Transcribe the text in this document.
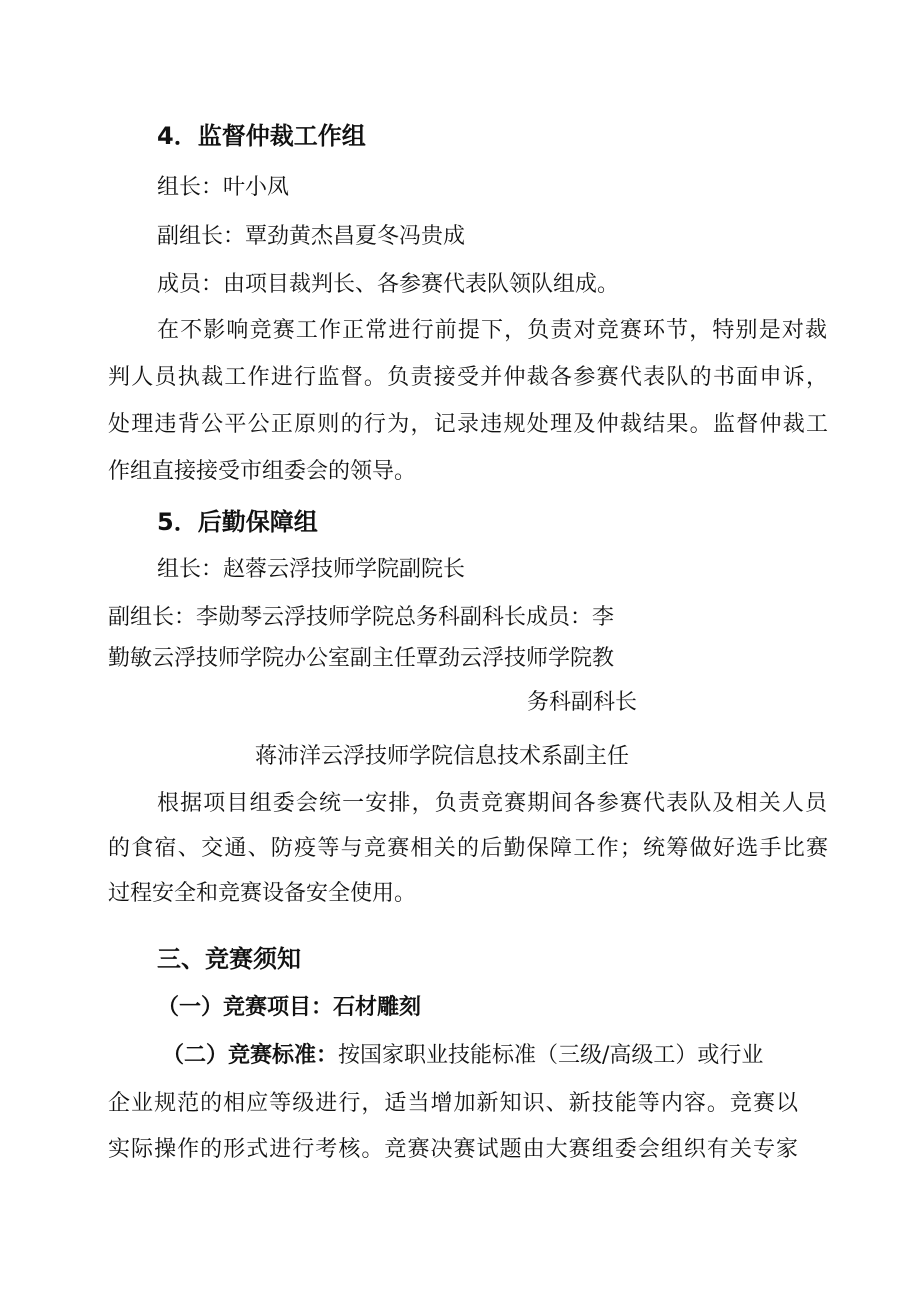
4．监督仲裁工作组
组长：叶小凤
副组长：覃劲黄杰昌夏冬冯贵成
成员：由项目裁判长、各参赛代表队领队组成。
在不影响竞赛工作正常进行前提下，负责对竞赛环节，特别是对裁
判人员执裁工作进行监督。负责接受并仲裁各参赛代表队的书面申诉，
处理违背公平公正原则的行为，记录违规处理及仲裁结果。监督仲裁工
作组直接接受市组委会的领导。
5．后勤保障组
组长：赵蓉云浮技师学院副院长
副组长：李勋琴云浮技师学院总务科副科长成员：李
勤敏云浮技师学院办公室副主任覃劲云浮技师学院教
务科副科长
蒋沛洋云浮技师学院信息技术系副主任
根据项目组委会统一安排，负责竞赛期间各参赛代表队及相关人员
的食宿、交通、防疫等与竞赛相关的后勤保障工作；统筹做好选手比赛
过程安全和竞赛设备安全使用。
三、竞赛须知
（一）竞赛项目：石材雕刻
（二）竞赛标准：按国家职业技能标准（三级/高级工）或行业
企业规范的相应等级进行，适当增加新知识、新技能等内容。竞赛以
实际操作的形式进行考核。竞赛决赛试题由大赛组委会组织有关专家
